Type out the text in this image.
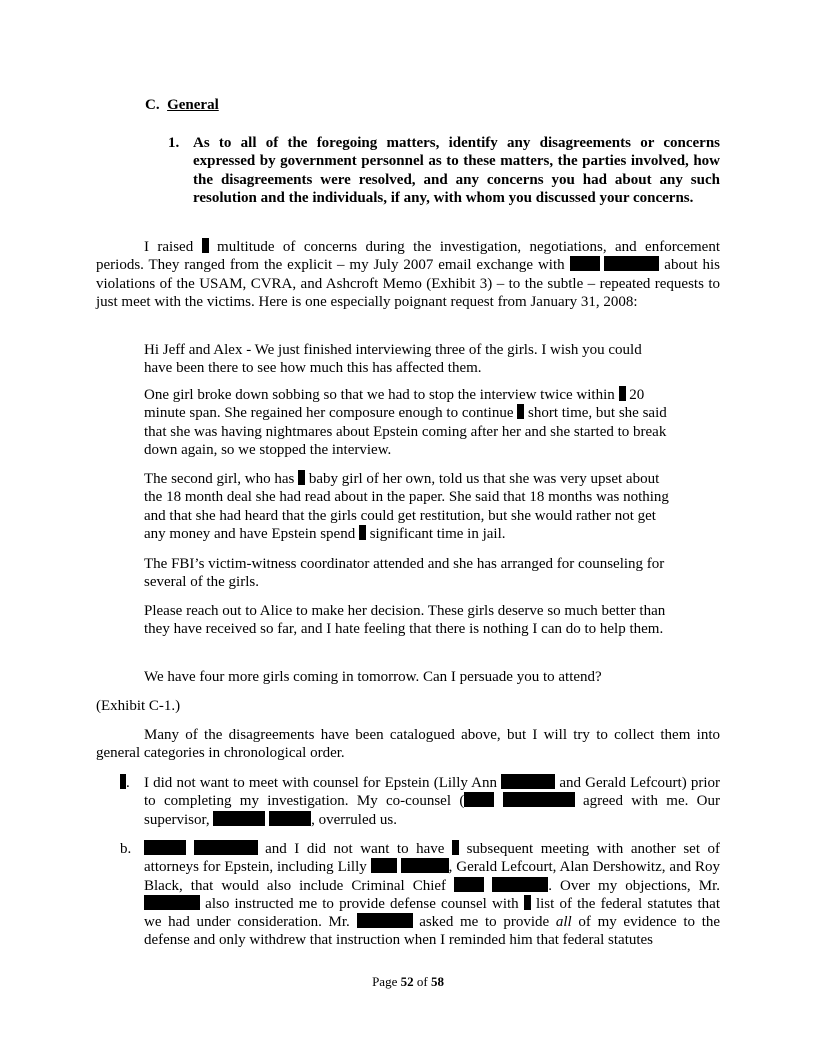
C. General
1. As to all of the foregoing matters, identify any disagreements or concerns expressed by government personnel as to these matters, the parties involved, how the disagreements were resolved, and any concerns you had about any such resolution and the individuals, if any, with whom you discussed your concerns.

I raised multitude of concerns during the investigation, negotiations, and enforcement periods. They ranged from the explicit – my July 2007 email exchange with	about his violations of the USAM, CVRA, and Ashcroft Memo (Exhibit 3) – to the subtle – repeated requests to just meet with the victims. Here is one especially poignant request from January 31, 2008:

Hi Jeff and Alex - We just finished interviewing three of the girls. I wish you could have been there to see how much this has affected them.

One girl broke down sobbing so that we had to stop the interview twice within 20 minute span. She regained her composure enough to continue short time, but she said that she was having nightmares about Epstein coming after her and she started to break down again, so we stopped the interview.

The second girl, who has baby girl of her own, told us that she was very upset about the 18 month deal she had read about in the paper. She said that 18 months was nothing and that she had heard that the girls could get restitution, but she would rather not get any money and have Epstein spend significant time in jail.

The FBI’s victim-witness coordinator attended and she has arranged for counseling for several of the girls.

Please reach out to Alice to make her decision. These girls deserve so much better than they have received so far, and I hate feeling that there is nothing I can do to help them.

We have four more girls coming in tomorrow. Can I persuade you to attend?

(Exhibit C-1.)

Many of the disagreements have been catalogued above, but I will try to collect them into general categories in chronological order.

. I did not want to meet with counsel for Epstein (Lilly Ann	and Gerald Lefcourt) prior to completing my investigation. My co-counsel (	agreed with me. Our supervisor,	, overruled us.
b.	and I did not want to have subsequent meeting with another set of attorneys for Epstein, including Lilly	, Gerald Lefcourt, Alan Dershowitz, and Roy Black, that would also include Criminal Chief	. Over my objections, Mr.  also instructed me to provide defense counsel with list of the federal statutes that we had under consideration. Mr.	asked me to provide all of my evidence to the defense and only withdrew that instruction when I reminded him that federal statutes
Page 52 of 58
